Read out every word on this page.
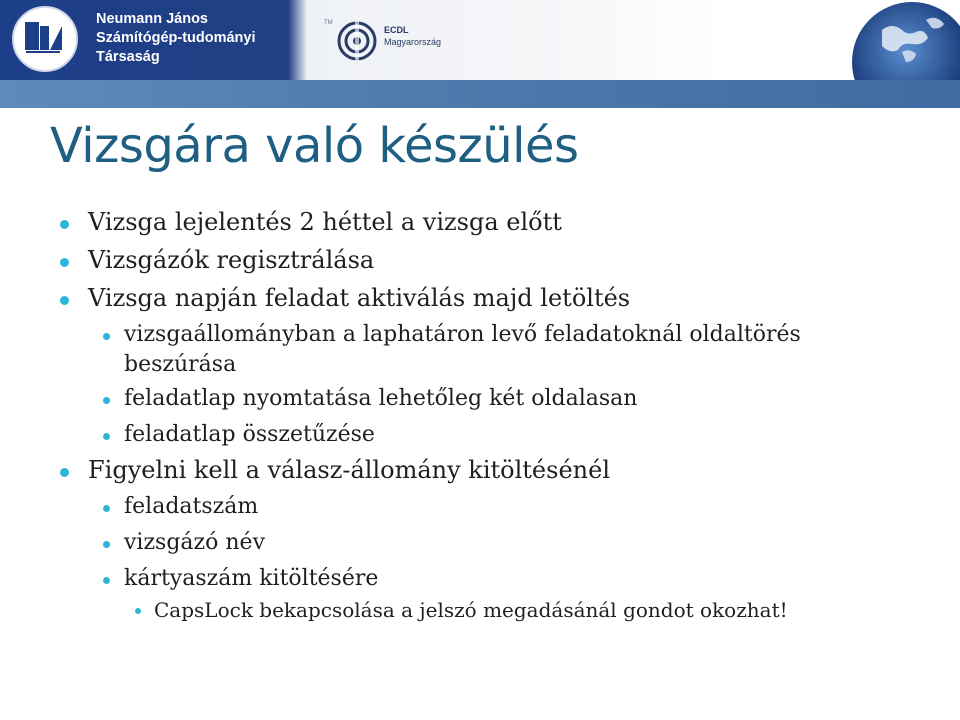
Neumann János
Számítógép-tudományi
Társaság
TM
ECDL
Magyarország
www.njszt.hu, www.ecdl.hu
Vizsgára való készülés
Vizsga lejelentés 2 héttel a vizsga előtt
Vizsgázók regisztrálása
Vizsga napján feladat aktiválás majd letöltés
vizsgaállományban a laphatáron levő feladatoknál oldaltörés
beszúrása
feladatlap nyomtatása lehetőleg két oldalasan
feladatlap összetűzése
Figyelni kell a válasz-állomány kitöltésénél
feladatszám
vizsgázó név
kártyaszám kitöltésére
CapsLock bekapcsolása a jelszó megadásánál gondot okozhat!
